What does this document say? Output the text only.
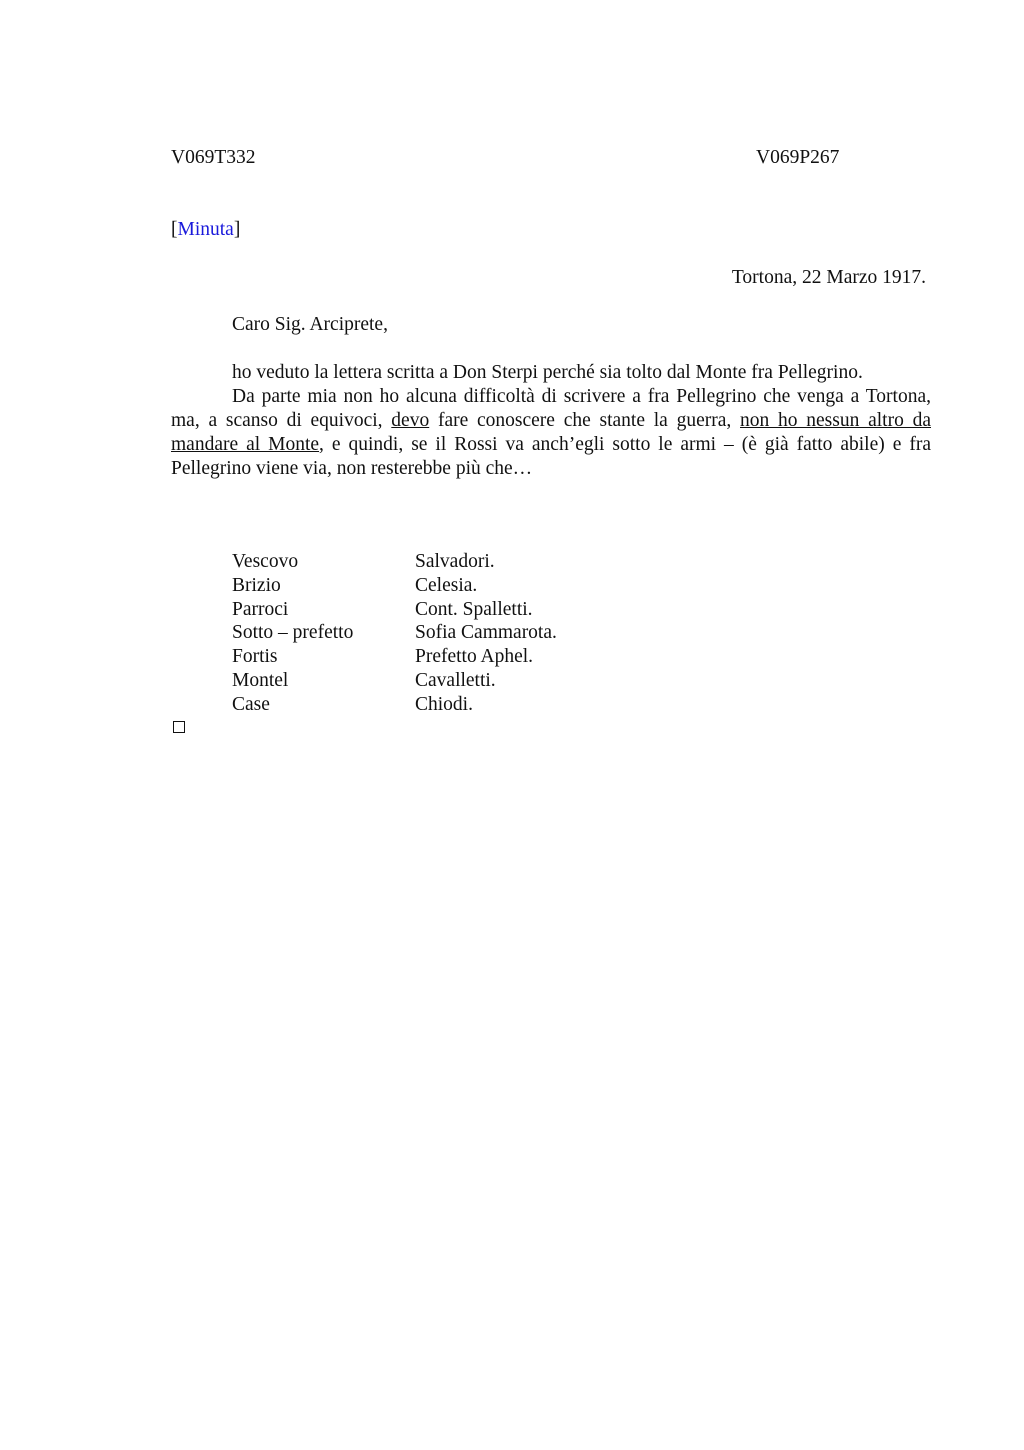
V069T332	V069P267
[Minuta]
Tortona, 22 Marzo 1917.
Caro Sig. Arciprete,

ho veduto la lettera scritta a Don Sterpi perché sia tolto dal Monte fra Pellegrino.

Da parte mia non ho alcuna difficoltà di scrivere a fra Pellegrino che venga a Tortona, ma, a scanso di equivoci, devo fare conoscere che stante la guerra, non ho nessun altro da mandare al Monte, e quindi, se il Rossi va anch’egli sotto le armi – (è già fatto abile) e fra Pellegrino viene via, non resterebbe più che…

Vescovo	Salvadori.
Brizio	Celesia.
Parroci	Cont. Spalletti.
Sotto – prefetto	Sofia Cammarota.
Fortis	Prefetto Aphel.
Montel	Cavalletti.
Case	Chiodi.
